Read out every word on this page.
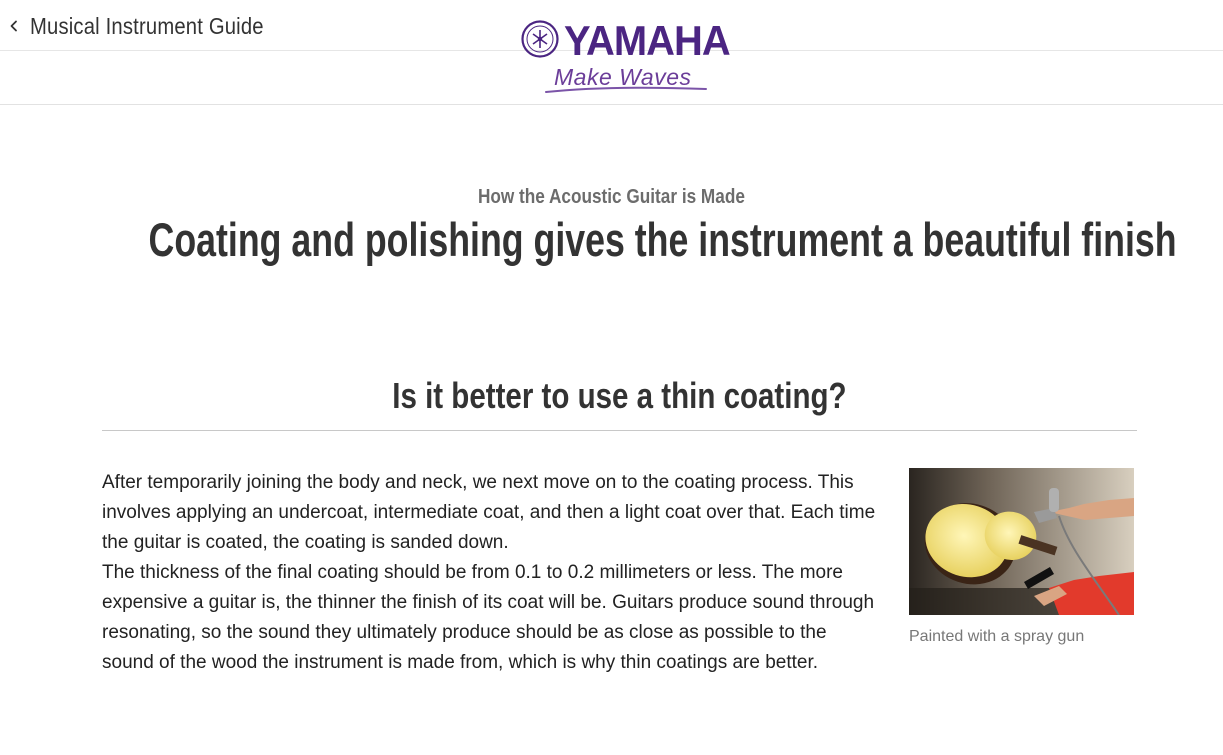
Musical Instrument Guide	YAMAHA
Make Waves
How the Acoustic Guitar is Made
Coating and polishing gives the instrument a beautiful finish
Is it better to use a thin coating?

After temporarily joining the body and neck, we next move on to the coating process. This involves applying an undercoat, intermediate coat, and then a light coat over that. Each time the guitar is coated, the coating is sanded down.

The thickness of the final coating should be from 0.1 to 0.2 millimeters or less. The more expensive a guitar is, the thinner the finish of its coat will be. Guitars produce sound through resonating, so the sound they ultimately produce should be as close as possible to the sound of the wood the instrument is made from, which is why thin coatings are better.

Painted with a spray gun
